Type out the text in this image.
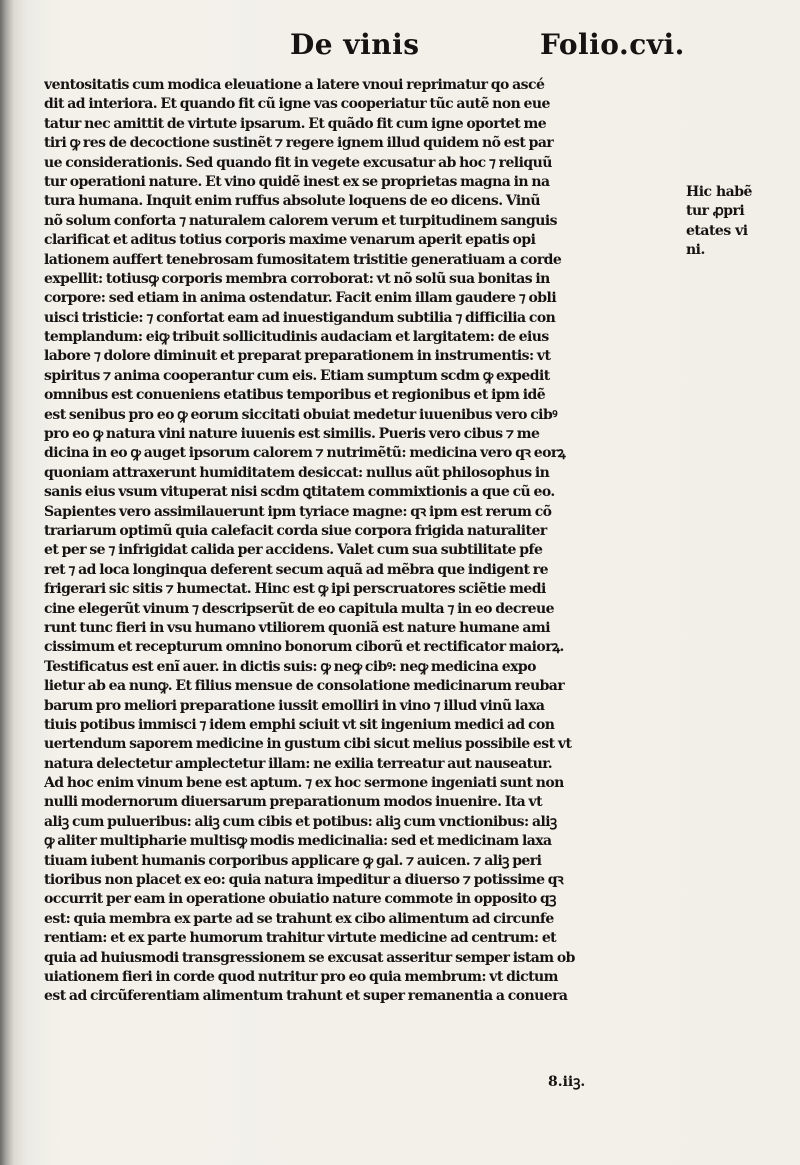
De vinis	Folio.cvi.
ventositatis cum modica eleuatione a latere vnoui reprimatur qo ascé
dit ad interiora. Et quando fit cũ igne vas cooperiatur tũc autẽ non eue
tatur nec amittit de virtute ipsarum. Et quãdo fit cum igne oportet me
tiri ꝙ res de decoctione sustinẽt ⁊ regere ignem illud quidem nõ est par
ue considerationis. Sed quando fit in vegete excusatur ab hoc ⁊ reliquũ
tur operationi nature. Et vino quidẽ inest ex se proprietas magna in na
tura humana. Inquit enim ruffus absolute loquens de eo dicens. Vinũ
nõ solum conforta ⁊ naturalem calorem verum et turpitudinem sanguis
clarificat et aditus totius corporis maxime venarum aperit epatis opi
lationem auffert tenebrosam fumositatem tristitie generatiuam a corde
expellit: totiusꝙ corporis membra corroborat: vt nõ solũ sua bonitas in
corpore: sed etiam in anima ostendatur. Facit enim illam gaudere ⁊ obli
uisci tristicie: ⁊ confortat eam ad inuestigandum subtilia ⁊ difficilia con
templandum: eiꝙ tribuit sollicitudinis audaciam et largitatem: de eius
labore ⁊ dolore diminuit et preparat preparationem in instrumentis: vt
spiritus ⁊ anima cooperantur cum eis. Etiam sumptum scdm ꝙ expedit
omnibus est conueniens etatibus temporibus et regionibus et ipm idẽ
est senibus pro eo ꝙ eorum siccitati obuiat medetur iuuenibus vero cibꝰ
pro eo ꝙ natura vini nature iuuenis est similis. Pueris vero cibus ⁊ me
dicina in eo ꝙ auget ipsorum calorem ⁊ nutrimẽtũ: medicina vero qꝛ eorꝝ
quoniam attraxerunt humiditatem desiccat: nullus aũt philosophus in
sanis eius vsum vituperat nisi scdm ꝗtitatem commixtionis a que cũ eo.
Sapientes vero assimilauerunt ipm tyriace magne: qꝛ ipm est rerum cõ
trariarum optimũ quia calefacit corda siue corpora frigida naturaliter
et per se ⁊ infrigidat calida per accidens. Valet cum sua subtilitate pfe
ret ⁊ ad loca longinqua deferent secum aquã ad mẽbra que indigent re
frigerari sic sitis ⁊ humectat. Hinc est ꝙ ipi perscruatores sciẽtie medi
cine elegerũt vinum ⁊ descripserũt de eo capitula multa ⁊ in eo decreue
runt tunc fieri in vsu humano vtiliorem quoniã est nature humane ami
cissimum et recepturum omnino bonorum ciborũ et rectificator maiorꝝ.
Testificatus est enĩ auer. in dictis suis: ꝙ neꝙ cibꝰ: neꝙ medicina expo
lietur ab ea nunꝙ. Et filius mensue de consolatione medicinarum reubar
barum pro meliori preparatione iussit emolliri in vino ⁊ illud vinũ laxa
tiuis potibus immisci ⁊ idem emphi sciuit vt sit ingenium medici ad con
uertendum saporem medicine in gustum cibi sicut melius possibile est vt
natura delectetur amplectetur illam: ne exilia terreatur aut nauseatur.
Ad hoc enim vinum bene est aptum. ⁊ ex hoc sermone ingeniati sunt non
nulli modernorum diuersarum preparationum modos inuenire. Ita vt
aliꝫ cum pulueribus: aliꝫ cum cibis et potibus: aliꝫ cum vnctionibus: aliꝫ
ꝙ aliter multipharie multisꝙ modis medicinalia: sed et medicinam laxa
tiuam iubent humanis corporibus applicare ꝙ gal. ⁊ auicen. ⁊ aliꝫ peri
tioribus non placet ex eo: quia natura impeditur a diuerso ⁊ potissime qꝛ
occurrit per eam in operatione obuiatio nature commote in opposito qꝫ
est: quia membra ex parte ad se trahunt ex cibo alimentum ad circunfe
rentiam: et ex parte humorum trahitur virtute medicine ad centrum: et
quia ad huiusmodi transgressionem se excusat asseritur semper istam ob
uiationem fieri in corde quod nutritur pro eo quia membrum: vt dictum
est ad circũferentiam alimentum trahunt et super remanentia a conuera
Hic habẽ
tur ꝓpri
etates vi
ni.
8.iiꝫ.
